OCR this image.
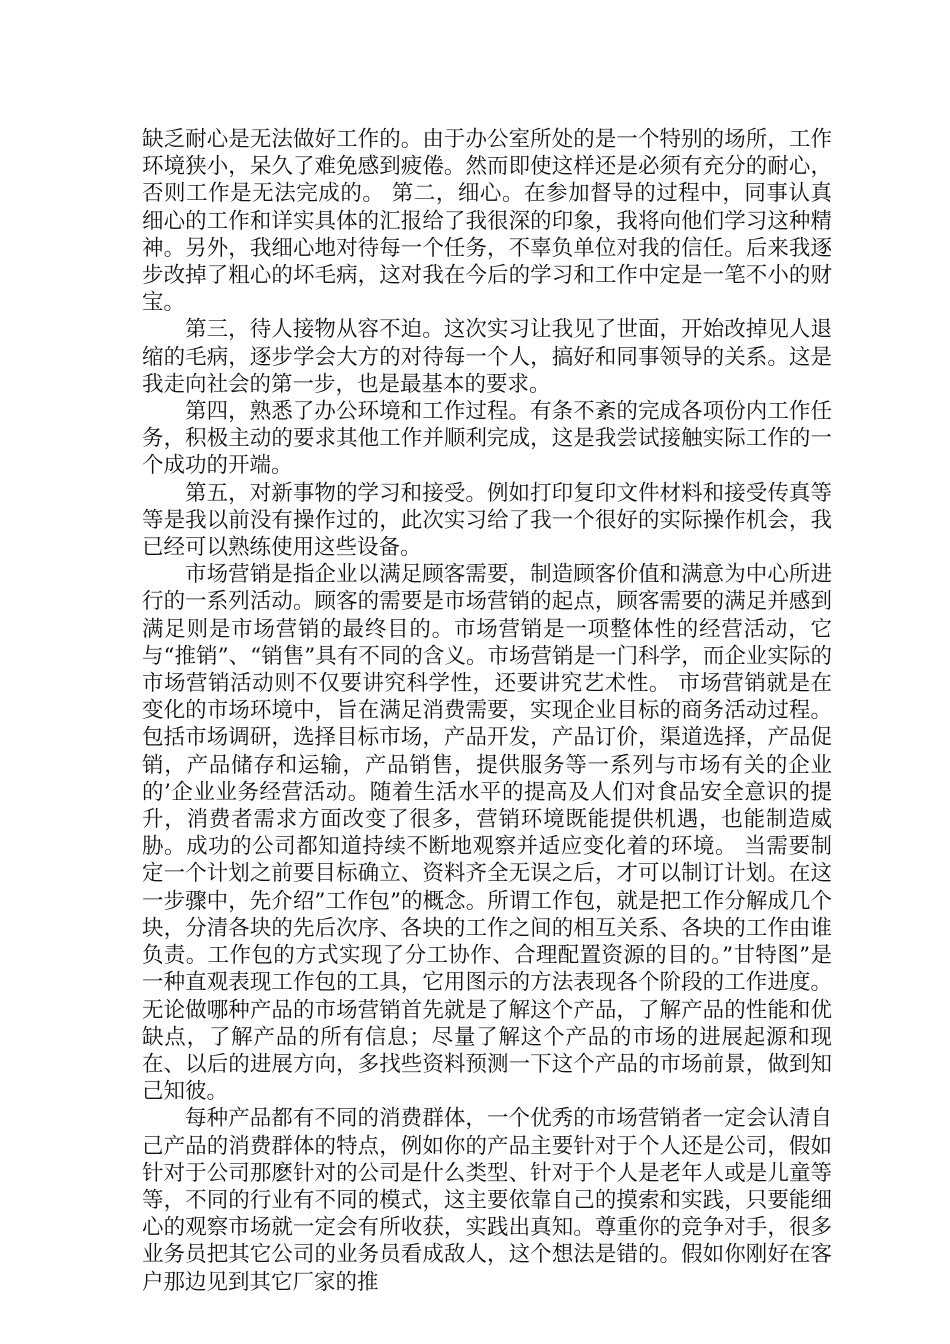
缺乏耐心是无法做好工作的。由于办公室所处的是一个特别的场所，工作环境狭小，呆久了难免感到疲倦。然而即使这样还是必须有充分的耐心，否则工作是无法完成的。 第二，细心。在参加督导的过程中，同事认真细心的工作和详实具体的汇报给了我很深的印象，我将向他们学习这种精神。另外，我细心地对待每一个任务，不辜负单位对我的信任。后来我逐步改掉了粗心的坏毛病，这对我在今后的学习和工作中定是一笔不小的财宝。

第三，待人接物从容不迫。这次实习让我见了世面，开始改掉见人退缩的毛病，逐步学会大方的对待每一个人，搞好和同事领导的关系。这是我走向社会的第一步，也是最基本的要求。

第四，熟悉了办公环境和工作过程。有条不紊的完成各项份内工作任务，积极主动的要求其他工作并顺利完成，这是我尝试接触实际工作的一个成功的开端。

第五，对新事物的学习和接受。例如打印复印文件材料和接受传真等等是我以前没有操作过的，此次实习给了我一个很好的实际操作机会，我已经可以熟练使用这些设备。

市场营销是指企业以满足顾客需要，制造顾客价值和满意为中心所进行的一系列活动。顾客的需要是市场营销的起点，顾客需要的满足并感到满足则是市场营销的最终目的。市场营销是一项整体性的经营活动，它与“推销”、“销售”具有不同的含义。市场营销是一门科学，而企业实际的市场营销活动则不仅要讲究科学性，还要讲究艺术性。 市场营销就是在变化的市场环境中，旨在满足消费需要，实现企业目标的商务活动过程。包括市场调研，选择目标市场，产品开发，产品订价，渠道选择，产品促销，产品储存和运输，产品销售，提供服务等一系列与市场有关的企业的’企业业务经营活动。随着生活水平的提高及人们对食品安全意识的提升，消费者需求方面改变了很多，营销环境既能提供机遇，也能制造威胁。成功的公司都知道持续不断地观察并适应变化着的环境。 当需要制定一个计划之前要目标确立、资料齐全无误之后，才可以制订计划。在这一步骤中，先介绍”工作包”的概念。所谓工作包，就是把工作分解成几个块，分清各块的先后次序、各块的工作之间的相互关系、各块的工作由谁负责。工作包的方式实现了分工协作、合理配置资源的目的。”甘特图”是一种直观表现工作包的工具，它用图示的方法表现各个阶段的工作进度。无论做哪种产品的市场营销首先就是了解这个产品，了解产品的性能和优缺点，了解产品的所有信息；尽量了解这个产品的市场的进展起源和现在、以后的进展方向，多找些资料预测一下这个产品的市场前景，做到知己知彼。

每种产品都有不同的消费群体，一个优秀的市场营销者一定会认清自己产品的消费群体的特点，例如你的产品主要针对于个人还是公司，假如针对于公司那麽针对的公司是什么类型、针对于个人是老年人或是儿童等等，不同的行业有不同的模式，这主要依靠自己的摸索和实践，只要能细心的观察市场就一定会有所收获，实践出真知。尊重你的竞争对手，很多业务员把其它公司的业务员看成敌人，这个想法是错的。假如你刚好在客户那边见到其它厂家的推
